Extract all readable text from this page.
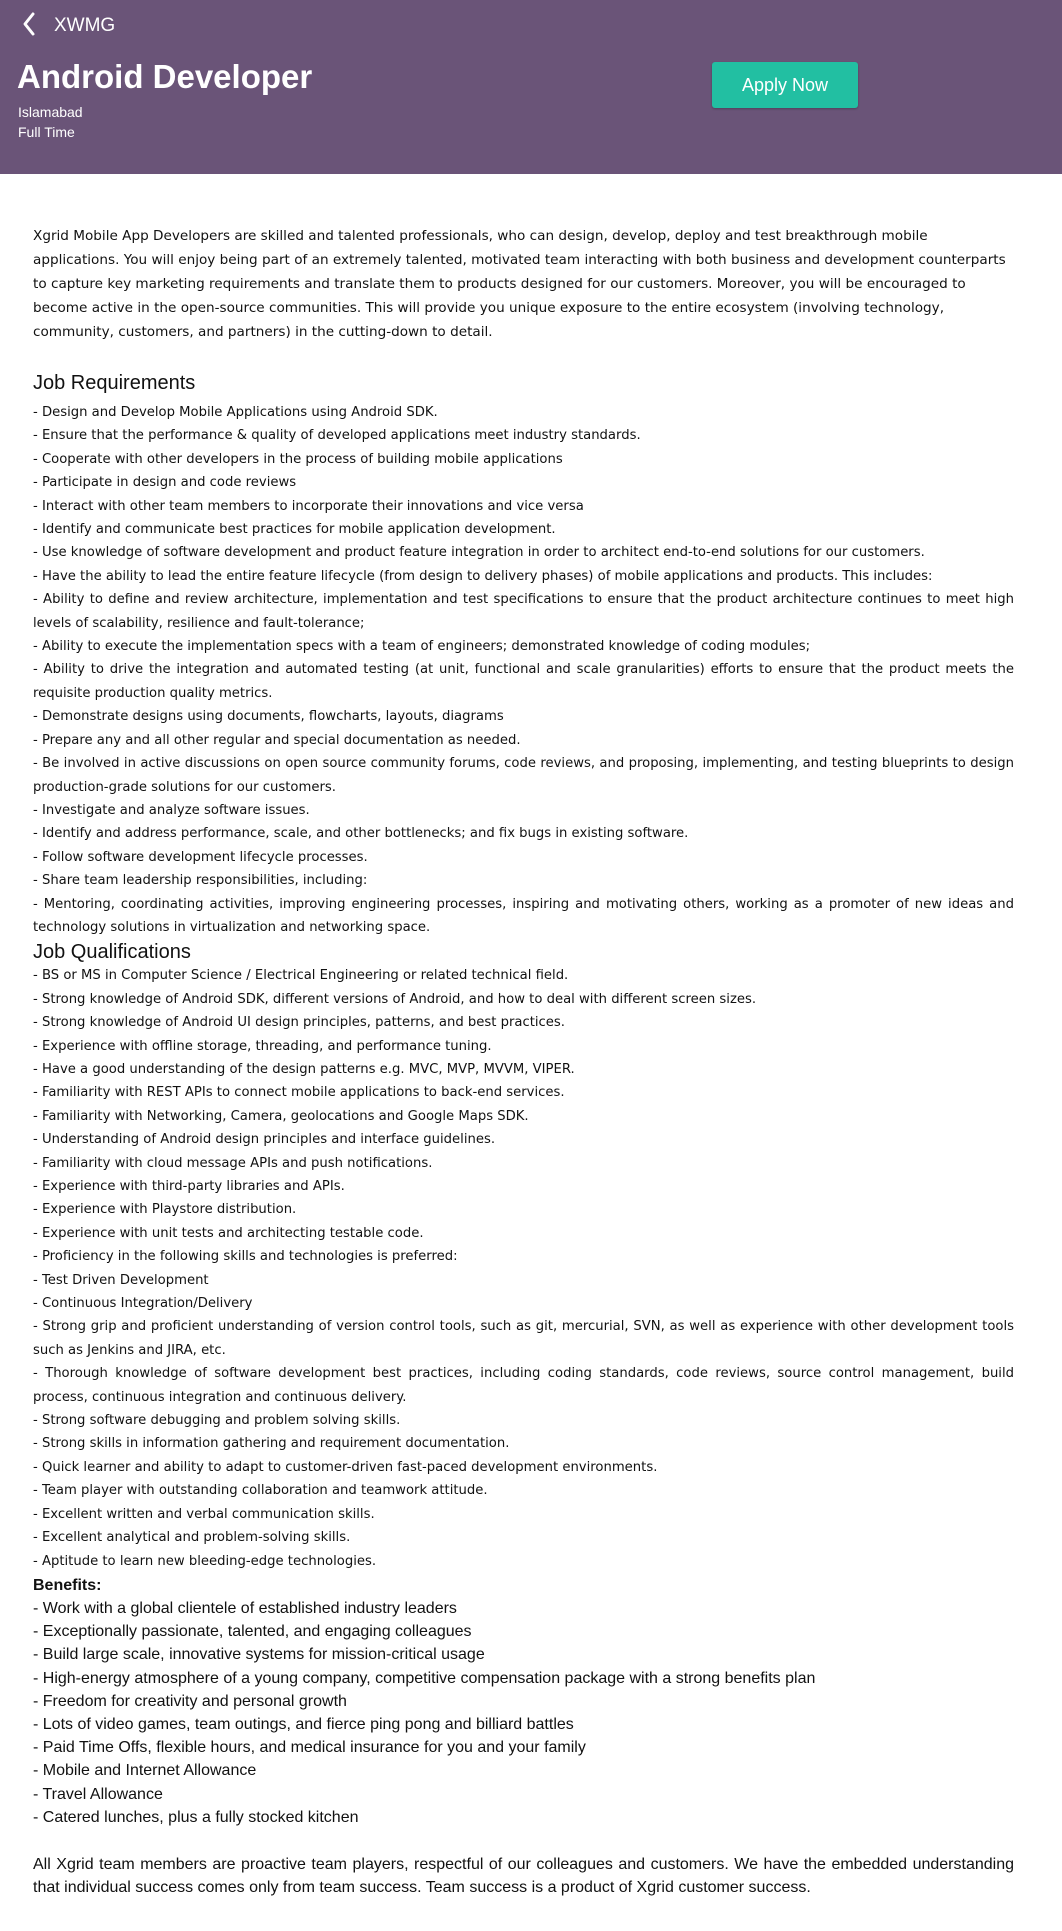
XWMG
Android Developer
Islamabad
Full Time
Apply Now

Xgrid Mobile App Developers are skilled and talented professionals, who can design, develop, deploy and test breakthrough mobile applications. You will enjoy being part of an extremely talented, motivated team interacting with both business and development counterparts to capture key marketing requirements and translate them to products designed for our customers. Moreover, you will be encouraged to become active in the open-source communities. This will provide you unique exposure to the entire ecosystem (involving technology, community, customers, and partners) in the cutting-down to detail.

Job Requirements
- Design and Develop Mobile Applications using Android SDK.
- Ensure that the performance & quality of developed applications meet industry standards.
- Cooperate with other developers in the process of building mobile applications
- Participate in design and code reviews
- Interact with other team members to incorporate their innovations and vice versa
- Identify and communicate best practices for mobile application development.
- Use knowledge of software development and product feature integration in order to architect end-to-end solutions for our customers.
- Have the ability to lead the entire feature lifecycle (from design to delivery phases) of mobile applications and products. This includes:
- Ability to define and review architecture, implementation and test specifications to ensure that the product architecture continues to meet high levels of scalability, resilience and fault-tolerance;
- Ability to execute the implementation specs with a team of engineers; demonstrated knowledge of coding modules;
- Ability to drive the integration and automated testing (at unit, functional and scale granularities) efforts to ensure that the product meets the requisite production quality metrics.
- Demonstrate designs using documents, flowcharts, layouts, diagrams
- Prepare any and all other regular and special documentation as needed.
- Be involved in active discussions on open source community forums, code reviews, and proposing, implementing, and testing blueprints to design production-grade solutions for our customers.
- Investigate and analyze software issues.
- Identify and address performance, scale, and other bottlenecks; and fix bugs in existing software.
- Follow software development lifecycle processes.
- Share team leadership responsibilities, including:
- Mentoring, coordinating activities, improving engineering processes, inspiring and motivating others, working as a promoter of new ideas and technology solutions in virtualization and networking space.
Job Qualifications
- BS or MS in Computer Science / Electrical Engineering or related technical field.
- Strong knowledge of Android SDK, different versions of Android, and how to deal with different screen sizes.
- Strong knowledge of Android UI design principles, patterns, and best practices.
- Experience with offline storage, threading, and performance tuning.
- Have a good understanding of the design patterns e.g. MVC, MVP, MVVM, VIPER.
- Familiarity with REST APIs to connect mobile applications to back-end services.
- Familiarity with Networking, Camera, geolocations and Google Maps SDK.
- Understanding of Android design principles and interface guidelines.
- Familiarity with cloud message APIs and push notifications.
- Experience with third-party libraries and APIs.
- Experience with Playstore distribution.
- Experience with unit tests and architecting testable code.
- Proficiency in the following skills and technologies is preferred:
- Test Driven Development
- Continuous Integration/Delivery
- Strong grip and proficient understanding of version control tools, such as git, mercurial, SVN, as well as experience with other development tools such as Jenkins and JIRA, etc.
- Thorough knowledge of software development best practices, including coding standards, code reviews, source control management, build process, continuous integration and continuous delivery.
- Strong software debugging and problem solving skills.
- Strong skills in information gathering and requirement documentation.
- Quick learner and ability to adapt to customer-driven fast-paced development environments.
- Team player with outstanding collaboration and teamwork attitude.
- Excellent written and verbal communication skills.
- Excellent analytical and problem-solving skills.
- Aptitude to learn new bleeding-edge technologies.
Benefits:
- Work with a global clientele of established industry leaders
- Exceptionally passionate, talented, and engaging colleagues
- Build large scale, innovative systems for mission-critical usage
- High-energy atmosphere of a young company, competitive compensation package with a strong benefits plan
- Freedom for creativity and personal growth
- Lots of video games, team outings, and fierce ping pong and billiard battles
- Paid Time Offs, flexible hours, and medical insurance for you and your family
- Mobile and Internet Allowance
- Travel Allowance
- Catered lunches, plus a fully stocked kitchen
All Xgrid team members are proactive team players, respectful of our colleagues and customers. We have the embedded understanding that individual success comes only from team success. Team success is a product of Xgrid customer success.
